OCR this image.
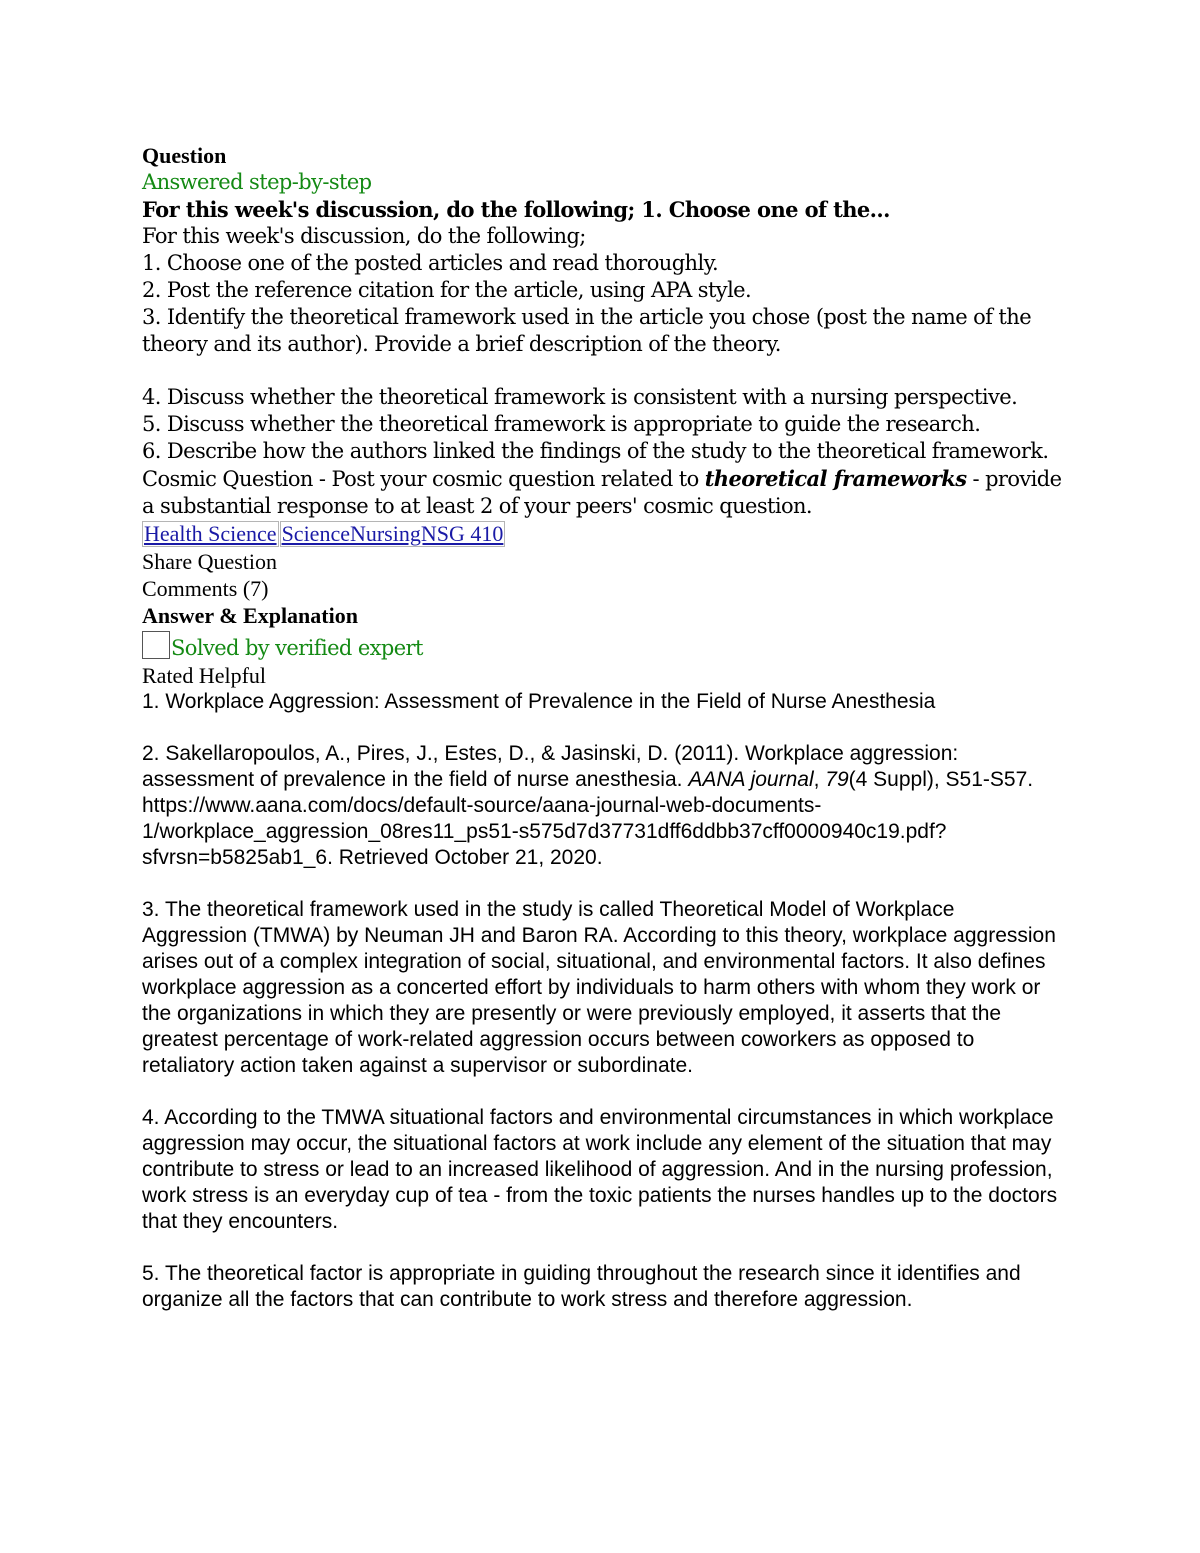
Question
Answered step-by-step
For this week's discussion, do the following; 1. Choose one of the...
For this week's discussion, do the following;
1. Choose one of the posted articles and read thoroughly.
2. Post the reference citation for the article, using APA style.
3. Identify the theoretical framework used in the article you chose (post the name of the theory and its author). Provide a brief description of the theory.
4. Discuss whether the theoretical framework is consistent with a nursing perspective.
5. Discuss whether the theoretical framework is appropriate to guide the research.
6. Describe how the authors linked the findings of the study to the theoretical framework.
Cosmic Question - Post your cosmic question related to theoretical frameworks - provide a substantial response to at least 2 of your peers' cosmic question.
Health Science ScienceNursingNSG 410
Share Question
Comments (7)
Answer & Explanation
Solved by verified expert
Rated Helpful
1. Workplace Aggression: Assessment of Prevalence in the Field of Nurse Anesthesia
2. Sakellaropoulos, A., Pires, J., Estes, D., & Jasinski, D. (2011). Workplace aggression: assessment of prevalence in the field of nurse anesthesia. AANA journal, 79(4 Suppl), S51-S57. https://www.aana.com/docs/default-source/aana-journal-web-documents-1/workplace_aggression_08res11_ps51-s575d7d37731dff6ddbb37cff0000940c19.pdf?sfvrsn=b5825ab1_6. Retrieved October 21, 2020.
3. The theoretical framework used in the study is called Theoretical Model of Workplace Aggression (TMWA) by Neuman JH and Baron RA. According to this theory, workplace aggression arises out of a complex integration of social, situational, and environmental factors. It also defines workplace aggression as a concerted effort by individuals to harm others with whom they work or the organizations in which they are presently or were previously employed, it asserts that the greatest percentage of work-related aggression occurs between coworkers as opposed to retaliatory action taken against a supervisor or subordinate.
4. According to the TMWA situational factors and environmental circumstances in which workplace aggression may occur, the situational factors at work include any element of the situation that may contribute to stress or lead to an increased likelihood of aggression. And in the nursing profession, work stress is an everyday cup of tea - from the toxic patients the nurses handles up to the doctors that they encounters.
5. The theoretical factor is appropriate in guiding throughout the research since it identifies and organize all the factors that can contribute to work stress and therefore aggression.
